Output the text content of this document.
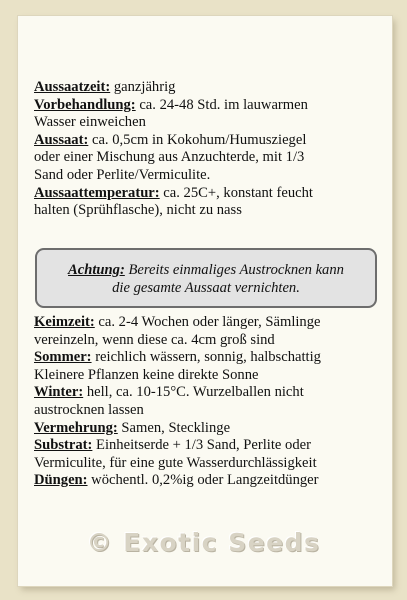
Aussaatzeit: ganzjährig
Vorbehandlung: ca. 24-48 Std. im lauwarmen
Wasser einweichen
Aussaat: ca. 0,5cm in Kokohum/Humusziegel
oder einer Mischung aus Anzuchterde, mit 1/3
Sand oder Perlite/Vermiculite.
Aussaattemperatur: ca. 25C+, konstant feucht
halten (Sprühflasche), nicht zu nass
Achtung: Bereits einmaliges Austrocknen kann
die gesamte Aussaat vernichten.
Keimzeit: ca. 2-4 Wochen oder länger, Sämlinge
vereinzeln, wenn diese ca. 4cm groß sind
Sommer: reichlich wässern, sonnig, halbschattig
Kleinere Pflanzen keine direkte Sonne
Winter: hell, ca. 10-15°C. Wurzelballen nicht
austrocknen lassen
Vermehrung: Samen, Stecklinge
Substrat: Einheitserde + 1/3 Sand, Perlite oder
Vermiculite, für eine gute Wasserdurchlässigkeit
Düngen: wöchentl. 0,2%ig oder Langzeitdünger
© Exotic Seeds
